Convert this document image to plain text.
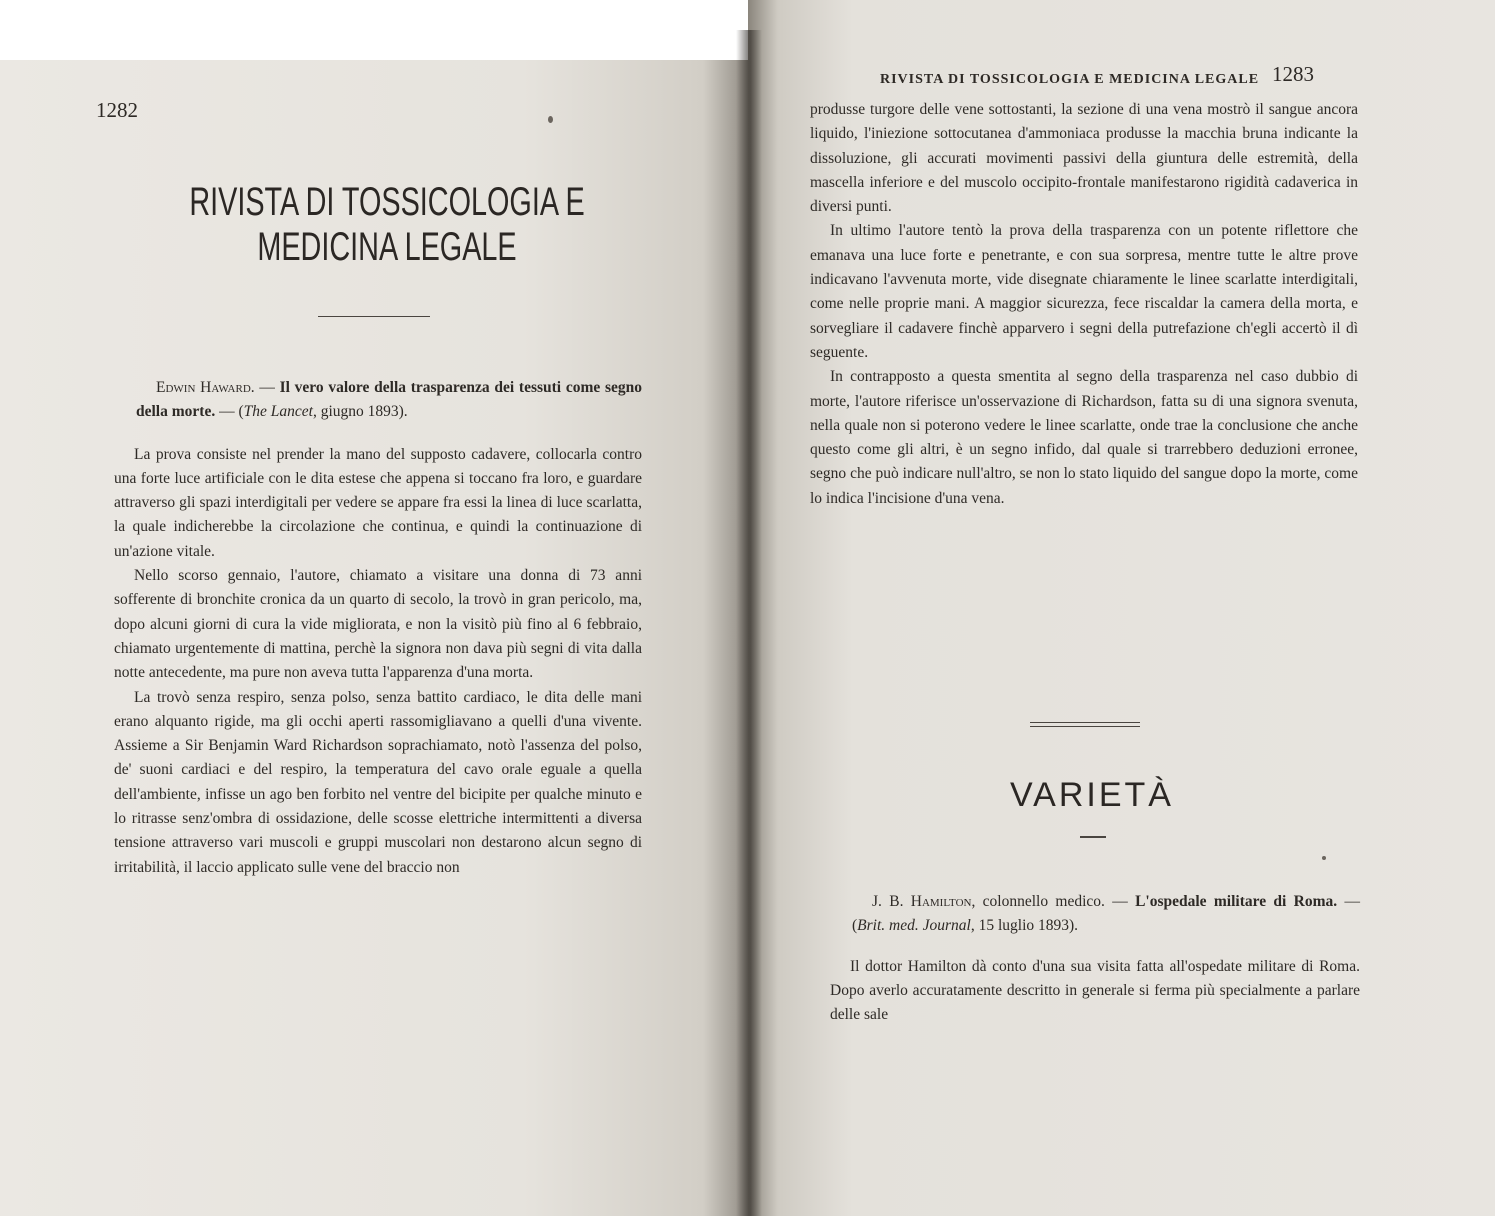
1282
RIVISTA DI TOSSICOLOGIA E MEDICINA LEGALE

Edwin Haward. — Il vero valore della trasparenza dei tessuti come segno della morte. — (The Lancet, giugno 1893).

La prova consiste nel prender la mano del supposto cadavere, collocarla contro una forte luce artificiale con le dita estese che appena si toccano fra loro, e guardare attraverso gli spazi interdigitali per vedere se appare fra essi la linea di luce scarlatta, la quale indicherebbe la circolazione che continua, e quindi la continuazione di un'azione vitale.

Nello scorso gennaio, l'autore, chiamato a visitare una donna di 73 anni sofferente di bronchite cronica da un quarto di secolo, la trovò in gran pericolo, ma, dopo alcuni giorni di cura la vide migliorata, e non la visitò più fino al 6 febbraio, chiamato urgentemente di mattina, perchè la signora non dava più segni di vita dalla notte antecedente, ma pure non aveva tutta l'apparenza d'una morta.

La trovò senza respiro, senza polso, senza battito cardiaco, le dita delle mani erano alquanto rigide, ma gli occhi aperti rassomigliavano a quelli d'una vivente. Assieme a Sir Benjamin Ward Richardson soprachiamato, notò l'assenza del polso, de' suoni cardiaci e del respiro, la temperatura del cavo orale eguale a quella dell'ambiente, infisse un ago ben forbito nel ventre del bicipite per qualche minuto e lo ritrasse senz'ombra di ossidazione, delle scosse elettriche intermittenti a diversa tensione attraverso vari muscoli e gruppi muscolari non destarono alcun segno di irritabilità, il laccio applicato sulle vene del braccio non

RIVISTA DI TOSSICOLOGIA E MEDICINA LEGALE 1283

produsse turgore delle vene sottostanti, la sezione di una vena mostrò il sangue ancora liquido, l'iniezione sottocutanea d'ammoniaca produsse la macchia bruna indicante la dissoluzione, gli accurati movimenti passivi della giuntura delle estremità, della mascella inferiore e del muscolo occipito-frontale manifestarono rigidità cadaverica in diversi punti.

In ultimo l'autore tentò la prova della trasparenza con un potente riflettore che emanava una luce forte e penetrante, e con sua sorpresa, mentre tutte le altre prove indicavano l'avvenuta morte, vide disegnate chiaramente le linee scarlatte interdigitali, come nelle proprie mani. A maggior sicurezza, fece riscaldar la camera della morta, e sorvegliare il cadavere finchè apparvero i segni della putrefazione ch'egli accertò il dì seguente.

In contrapposto a questa smentita al segno della trasparenza nel caso dubbio di morte, l'autore riferisce un'osservazione di Richardson, fatta su di una signora svenuta, nella quale non si poterono vedere le linee scarlatte, onde trae la conclusione che anche questo come gli altri, è un segno infido, dal quale si trarrebbero deduzioni erronee, segno che può indicare null'altro, se non lo stato liquido del sangue dopo la morte, come lo indica l'incisione d'una vena.

VARIETÀ

J. B. Hamilton, colonnello medico. — L'ospedale militare di Roma. — (Brit. med. Journal, 15 luglio 1893).

Il dottor Hamilton dà conto d'una sua visita fatta all'ospedate militare di Roma. Dopo averlo accuratamente descritto in generale si ferma più specialmente a parlare delle sale
